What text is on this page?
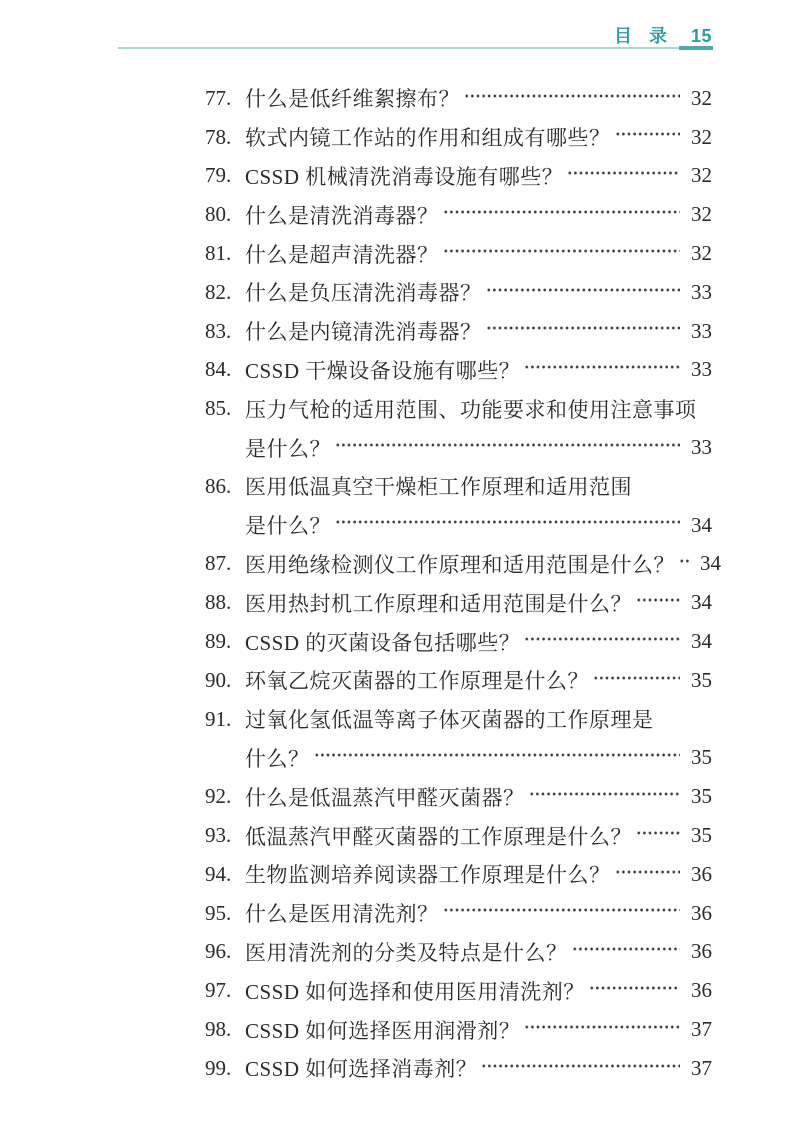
目 录 15
77. 什么是低纤维絮擦布？	32
78. 软式内镜工作站的作用和组成有哪些？	32
79. CSSD 机械清洗消毒设施有哪些？	32
80. 什么是清洗消毒器？	32
81. 什么是超声清洗器？	32
82. 什么是负压清洗消毒器？	33
83. 什么是内镜清洗消毒器？	33
84. CSSD 干燥设备设施有哪些？	33
85. 压力气枪的适用范围、功能要求和使用注意事项
是什么？	33
86. 医用低温真空干燥柜工作原理和适用范围
是什么？	34
87. 医用绝缘检测仪工作原理和适用范围是什么？ 34
88. 医用热封机工作原理和适用范围是什么？	34
89. CSSD 的灭菌设备包括哪些？	34
90. 环氧乙烷灭菌器的工作原理是什么？	35
91. 过氧化氢低温等离子体灭菌器的工作原理是
什么？	35
92. 什么是低温蒸汽甲醛灭菌器？	35
93. 低温蒸汽甲醛灭菌器的工作原理是什么？	35
94. 生物监测培养阅读器工作原理是什么？	36
95. 什么是医用清洗剂？	36
96. 医用清洗剂的分类及特点是什么？	36
97. CSSD 如何选择和使用医用清洗剂？	36
98. CSSD 如何选择医用润滑剂？	37
99. CSSD 如何选择消毒剂？	37
